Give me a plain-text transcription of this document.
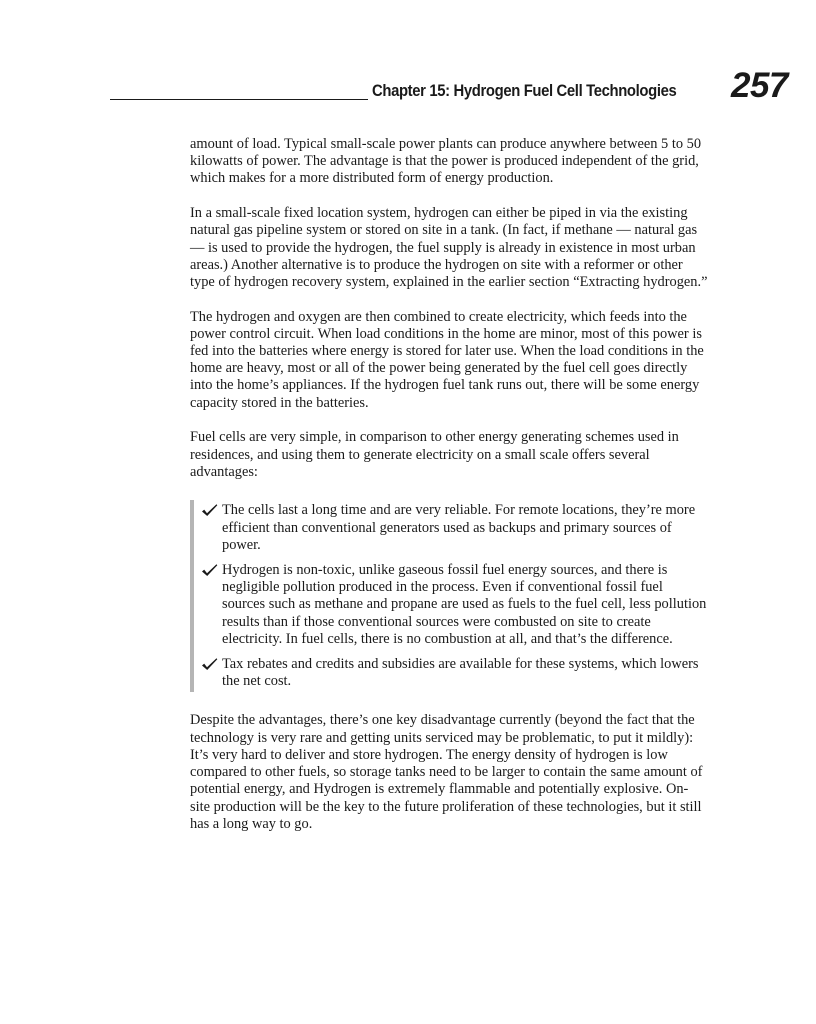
Chapter 15: Hydrogen Fuel Cell Technologies 257

amount of load. Typical small-scale power plants can produce anywhere between 5 to 50 kilowatts of power. The advantage is that the power is produced independent of the grid, which makes for a more distributed form of energy production.

In a small-scale fixed location system, hydrogen can either be piped in via the existing natural gas pipeline system or stored on site in a tank. (In fact, if methane — natural gas — is used to provide the hydrogen, the fuel supply is already in existence in most urban areas.) Another alternative is to produce the hydrogen on site with a reformer or other type of hydrogen recovery system, explained in the earlier section “Extracting hydrogen.”

The hydrogen and oxygen are then combined to create electricity, which feeds into the power control circuit. When load conditions in the home are minor, most of this power is fed into the batteries where energy is stored for later use. When the load conditions in the home are heavy, most or all of the power being generated by the fuel cell goes directly into the home’s appliances. If the hydrogen fuel tank runs out, there will be some energy capacity stored in the batteries.

Fuel cells are very simple, in comparison to other energy generating schemes used in residences, and using them to generate electricity on a small scale offers several advantages:

The cells last a long time and are very reliable. For remote locations, they’re more efficient than conventional generators used as backups and primary sources of power.
Hydrogen is non-toxic, unlike gaseous fossil fuel energy sources, and there is negligible pollution produced in the process. Even if conventional fossil fuel sources such as methane and propane are used as fuels to the fuel cell, less pollution results than if those conventional sources were combusted on site to create electricity. In fuel cells, there is no combustion at all, and that’s the difference.
Tax rebates and credits and subsidies are available for these systems, which lowers the net cost.

Despite the advantages, there’s one key disadvantage currently (beyond the fact that the technology is very rare and getting units serviced may be problematic, to put it mildly): It’s very hard to deliver and store hydrogen. The energy density of hydrogen is low compared to other fuels, so storage tanks need to be larger to contain the same amount of potential energy, and Hydrogen is extremely flammable and potentially explosive. On-site production will be the key to the future proliferation of these technologies, but it still has a long way to go.
